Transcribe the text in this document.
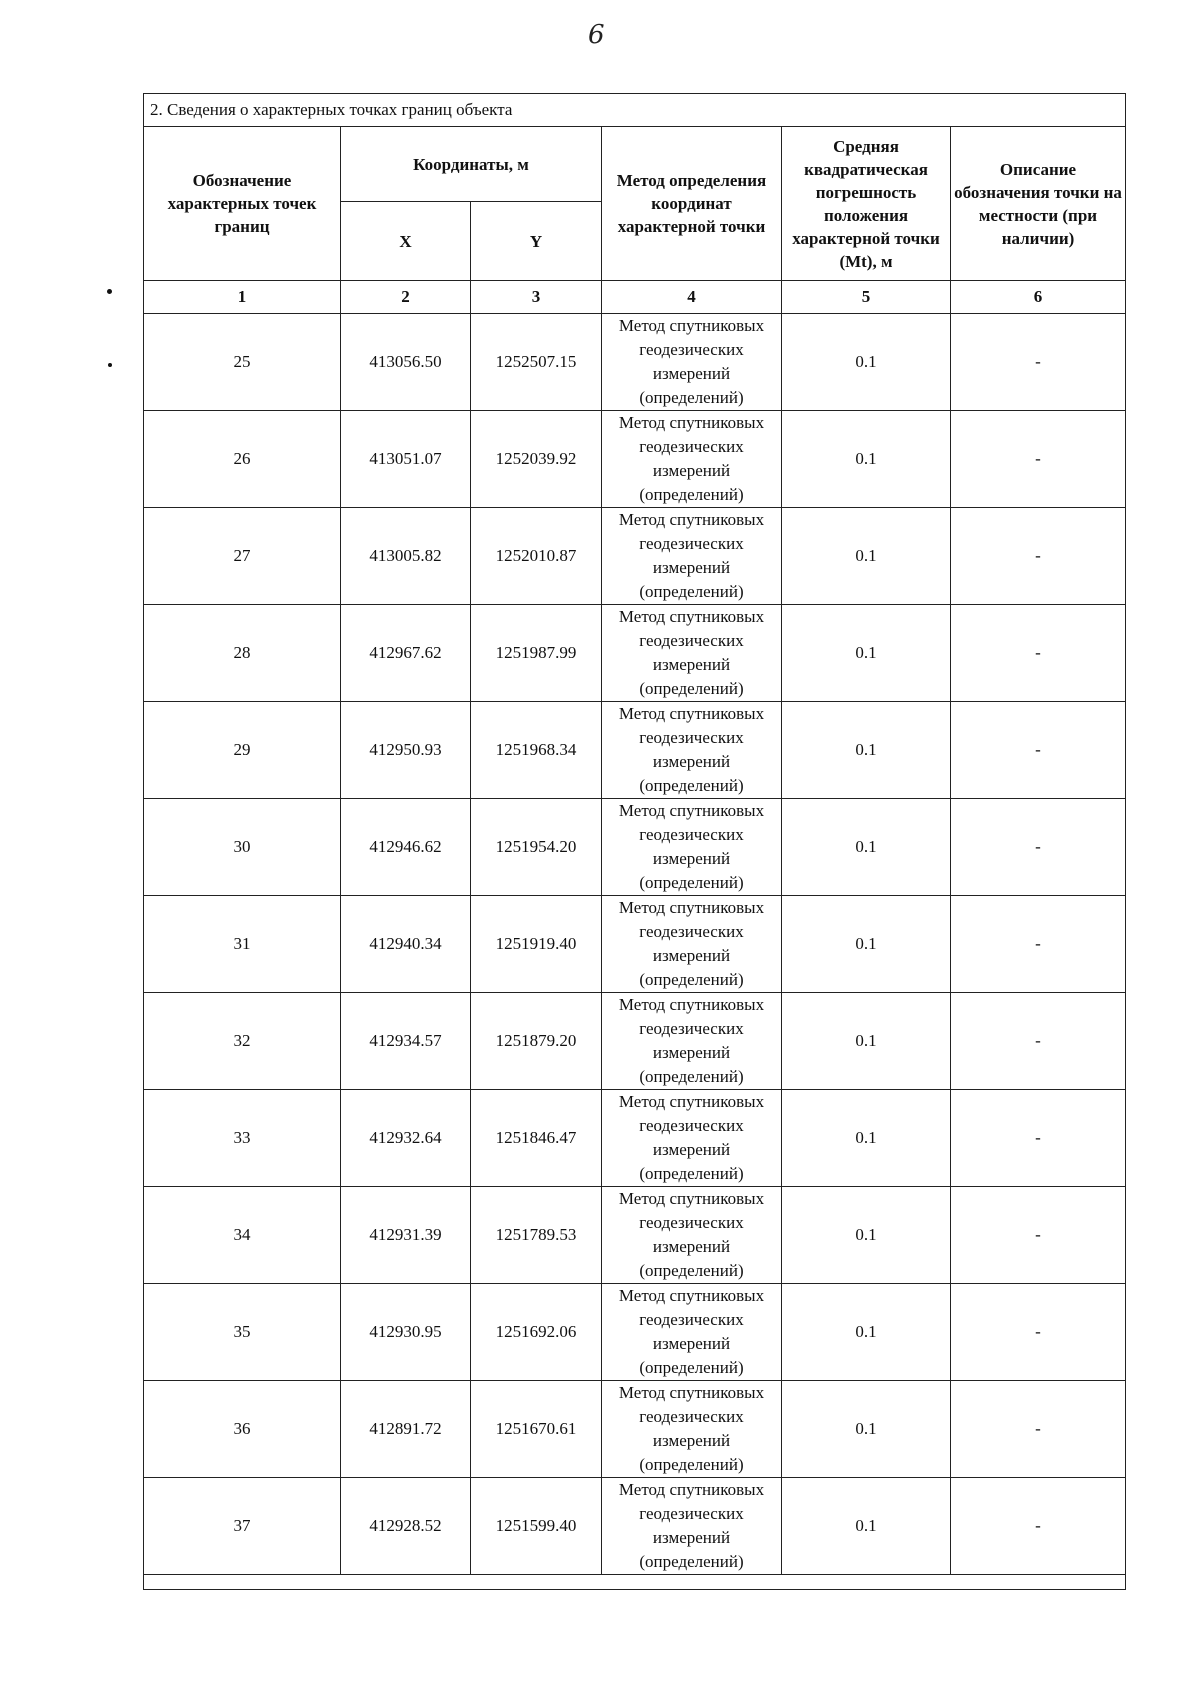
6
2. Сведения о характерных точках границ объекта					
Обозначение характерных точек границ	Координаты, м		Метод определения координат характерной точки	Средняя квадратическая погрешность положения характерной точки (Mt), м	Описание обозначения точки на местности (при наличии)
	X	Y			
1	2	3	4	5	6
25	413056.50	1252507.15	Метод спутниковых геодезических измерений (определений)	0.1	-
26	413051.07	1252039.92	Метод спутниковых геодезических измерений (определений)	0.1	-
27	413005.82	1252010.87	Метод спутниковых геодезических измерений (определений)	0.1	-
28	412967.62	1251987.99	Метод спутниковых геодезических измерений (определений)	0.1	-
29	412950.93	1251968.34	Метод спутниковых геодезических измерений (определений)	0.1	-
30	412946.62	1251954.20	Метод спутниковых геодезических измерений (определений)	0.1	-
31	412940.34	1251919.40	Метод спутниковых геодезических измерений (определений)	0.1	-
32	412934.57	1251879.20	Метод спутниковых геодезических измерений (определений)	0.1	-
33	412932.64	1251846.47	Метод спутниковых геодезических измерений (определений)	0.1	-
34	412931.39	1251789.53	Метод спутниковых геодезических измерений (определений)	0.1	-
35	412930.95	1251692.06	Метод спутниковых геодезических измерений (определений)	0.1	-
36	412891.72	1251670.61	Метод спутниковых геодезических измерений (определений)	0.1	-
37	412928.52	1251599.40	Метод спутниковых геодезических измерений (определений)	0.1	-
